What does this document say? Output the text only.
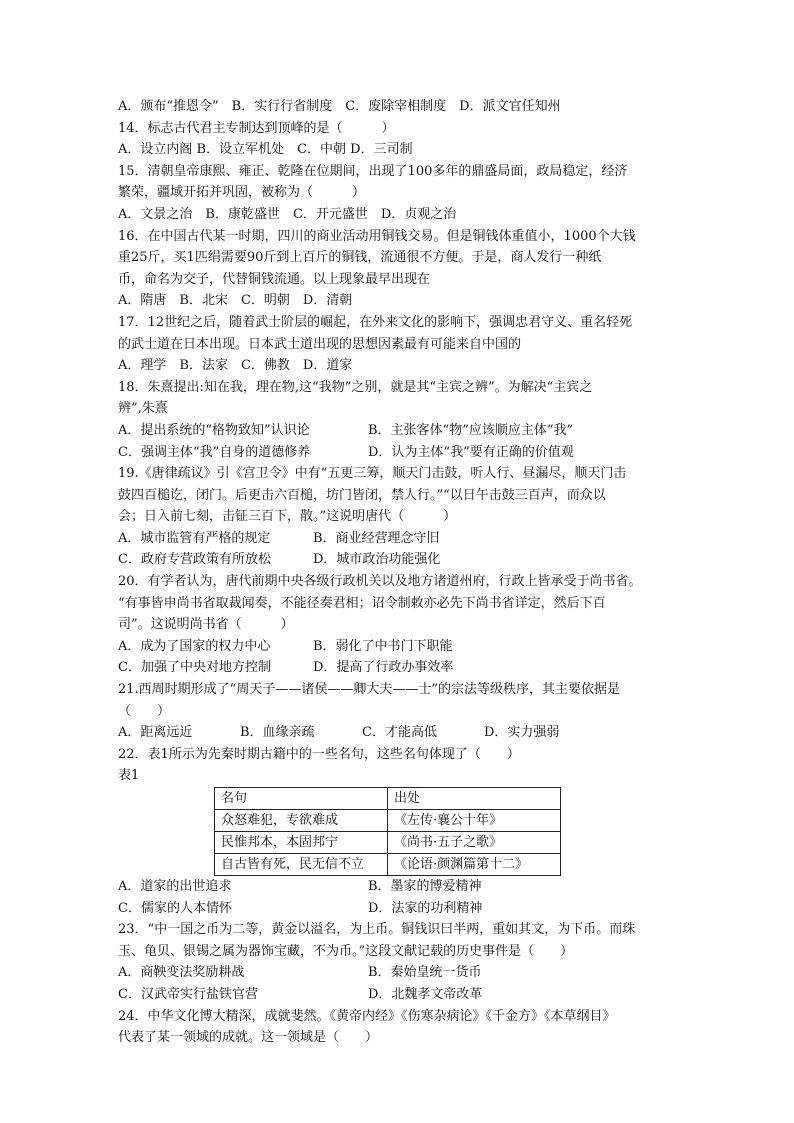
A．颁布“推恩令”　B．实行行省制度　C．废除宰相制度　D．派文官任知州
14．标志古代君主专制达到顶峰的是（　　　）
A．设立内阁 B．设立军机处　C．中朝 D．三司制
15．清朝皇帝康熙、雍正、乾隆在位期间，出现了100多年的鼎盛局面，政局稳定，经济
繁荣，疆域开拓并巩固，被称为（　　　）
A．文景之治　B．康乾盛世　C．开元盛世　D．贞观之治
16．在中国古代某一时期，四川的商业活动用铜钱交易。但是铜钱体重值小，1000个大钱
重25斤，买1匹绢需要90斤到上百斤的铜钱，流通很不方便。于是，商人发行一种纸
币，命名为交子，代替铜钱流通。以上现象最早出现在
A．隋唐　B．北宋　C．明朝　D．清朝
17．12世纪之后，随着武士阶层的崛起，在外来文化的影响下，强调忠君守义、重名轻死
的武士道在日本出现。日本武士道出现的思想因素最有可能来自中国的
A．理学　B．法家　C．佛教　D．道家
18．朱熹提出:知在我，理在物,这“我物”之别，就是其“主宾之辨”。为解决“主宾之
辨”,朱熹
A．提出系统的“格物致知”认识论	B．主张客体“物”应该顺应主体“我”
C．强调主体“我”自身的道德修养	D．认为主体“我”要有正确的价值观
19.《唐律疏议》引《宫卫令》中有“五更三筹，顺天门击鼓，听人行、昼漏尽，顺天门击
鼓四百槌讫，闭门。后更击六百槌，坊门皆闭，禁人行。”“以日午击鼓三百声，而众以
会；日入前七刻，击钲三百下，散。”这说明唐代（　　　）
A．城市监管有严格的规定	B．商业经营理念守旧
C．政府专营政策有所放松	D．城市政治功能强化
20．有学者认为，唐代前期中央各级行政机关以及地方诸道州府，行政上皆承受于尚书省。
“有事皆申尚书省取裁闻奏，不能径奏君相；诏令制敕亦必先下尚书省详定，然后下百
司”。这说明尚书省（　　　）
A．成为了国家的权力中心	B．弱化了中书门下职能
C．加强了中央对地方控制	D．提高了行政办事效率
21.西周时期形成了“周天子——诸侯——卿大夫——士”的宗法等级秩序，其主要依据是
（　　）
A．距离远近	B．血缘亲疏	C．才能高低	D．实力强弱
22．表1所示为先秦时期古籍中的一些名句，这些名句体现了（　　）
表1
名句	出处
众怒难犯，专欲难成	《左传·襄公十年》
民惟邦本，本固邦宁	《尚书·五子之歌》
自古皆有死，民无信不立	《论语·颜渊篇第十二》
A．道家的出世追求	B．墨家的博爱精神
C．儒家的人本情怀	D．法家的功利精神
23．“中一国之币为二等，黄金以溢名，为上币。铜钱识曰半两，重如其文，为下币。而珠
玉、龟贝、银锡之属为器饰宝藏，不为币。”这段文献记载的历史事件是（　　）
A．商鞅变法奖励耕战	B．秦始皇统一货币
C．汉武帝实行盐铁官营	D．北魏孝文帝改革
24．中华文化博大精深，成就斐然。《黄帝内经》《伤寒杂病论》《千金方》《本草纲目》
代表了某一领域的成就。这一领域是（　　）
